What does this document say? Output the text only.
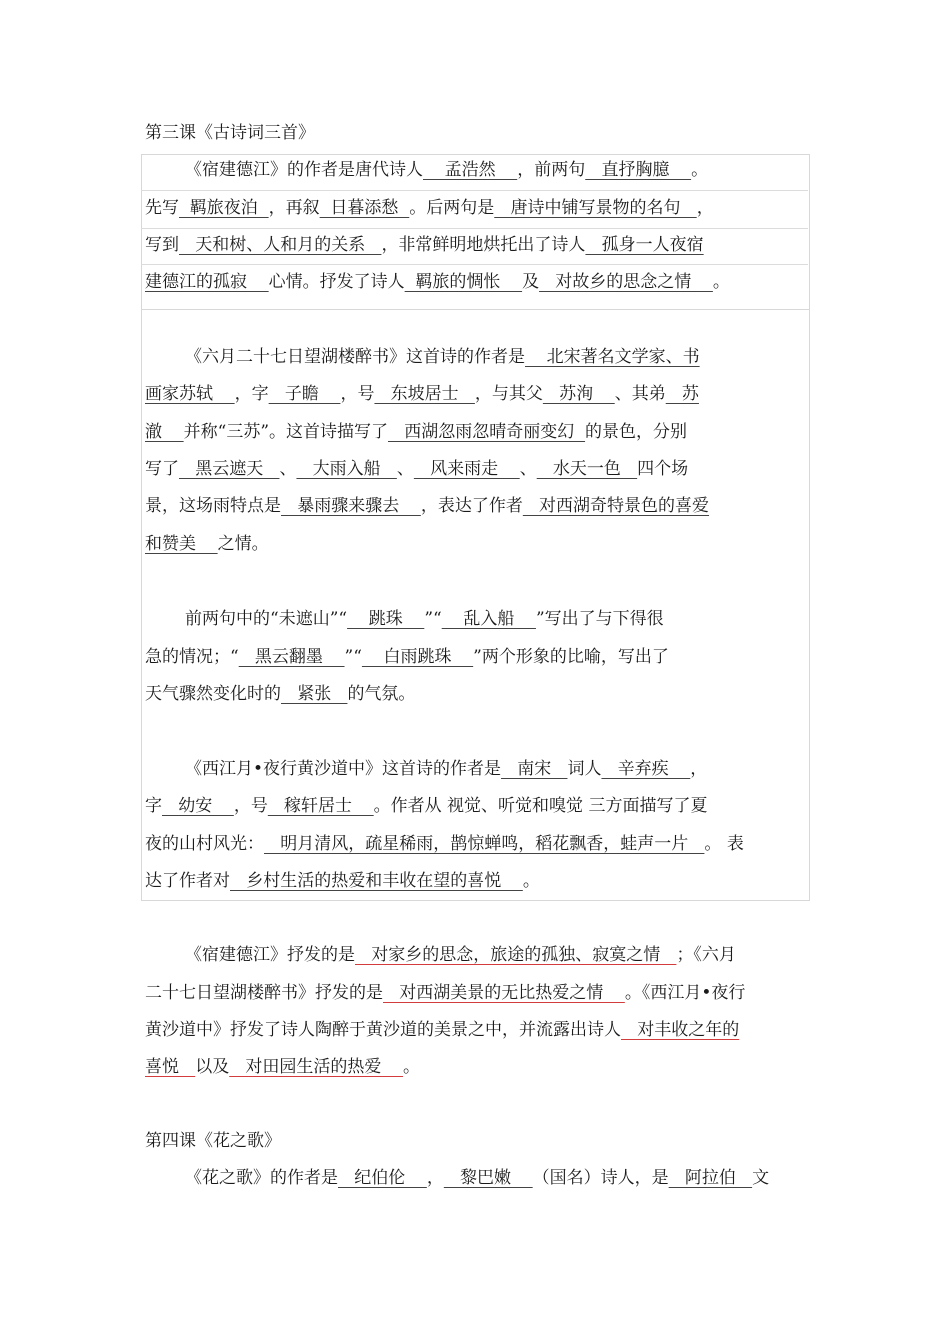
第三课《古诗词三首》
《宿建德江》的作者是唐代诗人    孟浩然    ，前两句   直抒胸臆    。
先写  羁旅夜泊  ，再叙  日暮添愁  。后两句是   唐诗中铺写景物的名句   ，
写到   天和树、人和月的关系   ，非常鲜明地烘托出了诗人   孤身一人夜宿
建德江的孤寂 心情。抒发了诗人  羁旅的惆怅    及   对故乡的思念之情    。
《六月二十七日望湖楼醉书》这首诗的作者是    北宋著名文学家、书
画家苏轼 ，字   子瞻    ，号   东坡居士   ，与其父   苏洵    、其弟   苏
澈 并称“三苏”。这首诗描写了   西湖忽雨忽晴奇丽变幻  的景色，分别
写了   黑云遮天   、   大雨入船   、   风来雨走    、   水天一色   四个场
景，这场雨特点是   暴雨骤来骤去    ，表达了作者   对西湖奇特景色的喜爱
和赞美 之情。
前两句中的“未遮山”“    跳珠    ”“    乱入船    ”写出了与下得很
急的情况；“   黑云翻墨    ”“    白雨跳珠    ”两个形象的比喻，写出了
天气骤然变化时的   紧张   的气氛。
《西江月•夜行黄沙道中》这首诗的作者是   南宋   词人   辛弃疾    ，
字   幼安    ，号   稼轩居士    。作者从 视觉、听觉和嗅觉 三方面描写了夏
夜的山村风光：   明月清风，疏星稀雨，鹊惊蝉鸣，稻花飘香，蛙声一片   。 表
达了作者对   乡村生活的热爱和丰收在望的喜悦    。
《宿建德江》抒发的是   对家乡的思念，旅途的孤独、寂寞之情   ；《六月
二十七日望湖楼醉书》抒发的是   对西湖美景的无比热爱之情    。《西江月•夜行
黄沙道中》抒发了诗人陶醉于黄沙道的美景之中，并流露出诗人   对丰收之年的
喜悦 以及   对田园生活的热爱    。
《花之歌》的作者是   纪伯伦    ，   黎巴嫩    （国名）诗人，是   阿拉伯   文
第四课《花之歌》
